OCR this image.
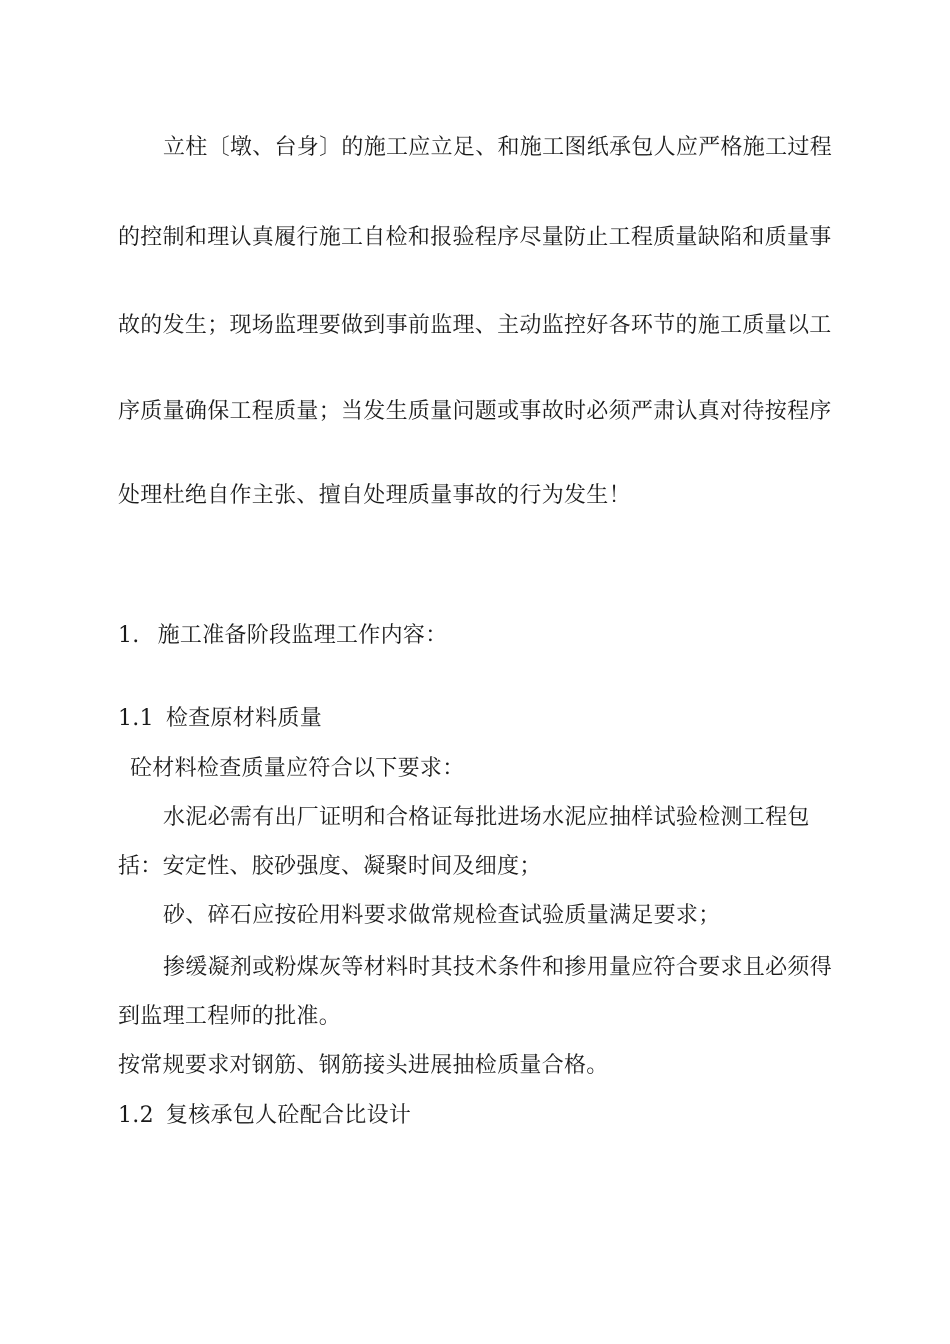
立柱〔墩、台身〕的施工应立足、和施工图纸承包人应严格施工过程
的控制和理认真履行施工自检和报验程序尽量防止工程质量缺陷和质量事
故的发生；现场监理要做到事前监理、主动监控好各环节的施工质量以工
序质量确保工程质量；当发生质量问题或事故时必须严肃认真对待按程序
处理杜绝自作主张、擅自处理质量事故的行为发生！
1. 施工准备阶段监理工作内容：
1.1 检查原材料质量
砼材料检查质量应符合以下要求：
水泥必需有出厂证明和合格证每批进场水泥应抽样试验检测工程包
括：安定性、胶砂强度、凝聚时间及细度；
砂、碎石应按砼用料要求做常规检查试验质量满足要求；
掺缓凝剂或粉煤灰等材料时其技术条件和掺用量应符合要求且必须得
到监理工程师的批准。
按常规要求对钢筋、钢筋接头进展抽检质量合格。
1.2 复核承包人砼配合比设计
